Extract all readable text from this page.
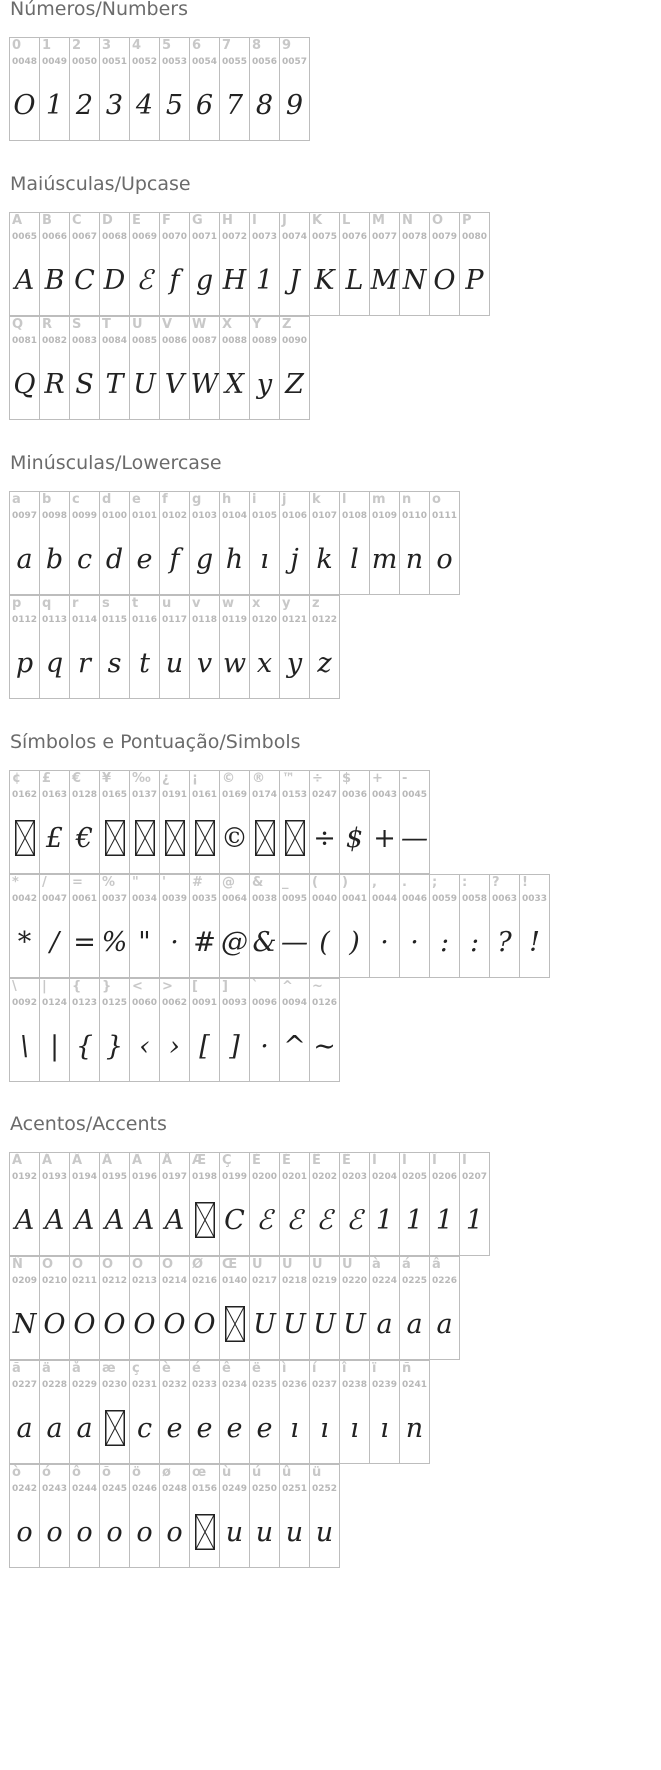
Números/Numbers
0
0048
O
1
0049
1
2
0050
2
3
0051
3
4
0052
4
5
0053
5
6
0054
6
7
0055
7
8
0056
8
9
0057
9
Maiúsculas/Upcase
A
0065
A
B
0066
B
C
0067
C
D
0068
D
E
0069
ℰ
F
0070
f
G
0071
g
H
0072
H
I
0073
1
J
0074
J
K
0075
K
L
0076
L
M
0077
M
N
0078
N
O
0079
O
P
0080
P
Q
0081
Q
R
0082
R
S
0083
S
T
0084
T
U
0085
U
V
0086
V
W
0087
W
X
0088
X
Y
0089
y
Z
0090
Z
Minúsculas/Lowercase
a
0097
a
b
0098
b
c
0099
c
d
0100
d
e
0101
e
f
0102
f
g
0103
g
h
0104
h
i
0105
ı
j
0106
j
k
0107
k
l
0108
l
m
0109
m
n
0110
n
o
0111
o
p
0112
p
q
0113
q
r
0114
r
s
0115
s
t
0116
t
u
0117
u
v
0118
v
w
0119
w
x
0120
x
y
0121
y
z
0122
z
Símbolos e Pontuação/Simbols
¢
0162
£
0163
£
€
0128
€
¥
0165
‰
0137
¿
0191
¡
0161
©
0169
©
®
0174
™
0153
÷
0247
÷
$
0036
$
+
0043
+
-
0045
—
*
0042
*
/
0047
/
=
0061
=
%
0037
%
"
0034
"
'
0039
·
#
0035
#
@
0064
@
&
0038
&
_
0095
—
(
0040
(
)
0041
)
,
0044
·
.
0046
·
;
0059
:
:
0058
:
?
0063
?
!
0033
!
\
0092
\
|
0124
|
{
0123
{
}
0125
}
<
0060
‹
>
0062
›
[
0091
[
]
0093
]
`
0096
·
^
0094
^
~
0126
∼
Acentos/Accents
À
0192
A
Á
0193
A
Â
0194
A
Ã
0195
A
Ä
0196
A
Å
0197
A
Æ
0198
Ç
0199
C
È
0200
ℰ
É
0201
ℰ
Ê
0202
ℰ
Ë
0203
ℰ
Ì
0204
1
Í
0205
1
Î
0206
1
Ï
0207
1
Ñ
0209
N
Ò
0210
O
Ó
0211
O
Ô
0212
O
Õ
0213
O
Ö
0214
O
Ø
0216
O
Œ
0140
Ù
0217
U
Ú
0218
U
Û
0219
U
Ü
0220
U
à
0224
a
á
0225
a
â
0226
a
ã
0227
a
ä
0228
a
å
0229
a
æ
0230
ç
0231
c
è
0232
e
é
0233
e
ê
0234
e
ë
0235
e
ì
0236
ı
í
0237
ı
î
0238
ı
ï
0239
ı
ñ
0241
n
ò
0242
o
ó
0243
o
ô
0244
o
õ
0245
o
ö
0246
o
ø
0248
o
œ
0156
ù
0249
u
ú
0250
u
û
0251
u
ü
0252
u
